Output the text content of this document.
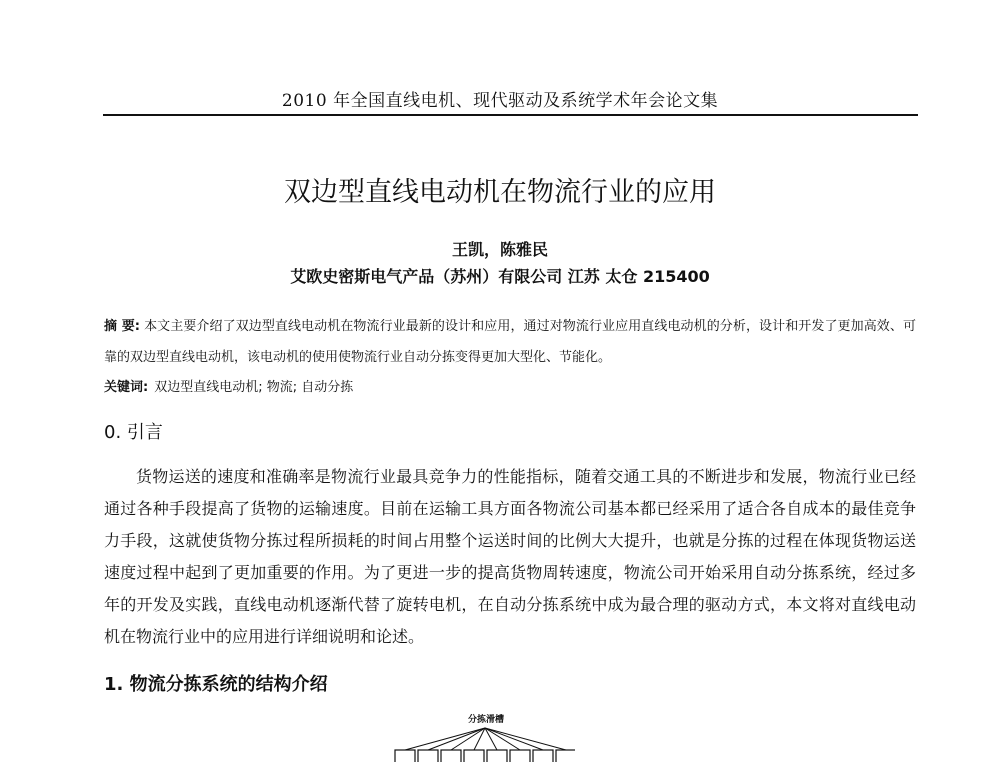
2010 年全国直线电机、现代驱动及系统学术年会论文集
双边型直线电动机在物流行业的应用
王凯，陈雅民
艾欧史密斯电气产品（苏州）有限公司 江苏 太仓 215400
摘 要: 本文主要介绍了双边型直线电动机在物流行业最新的设计和应用，通过对物流行业应用直线电动机的分析，设计和开发了更加高效、可靠的双边型直线电动机，该电动机的使用使物流行业自动分拣变得更加大型化、节能化。
关键词: 双边型直线电动机; 物流; 自动分拣
0. 引言
货物运送的速度和准确率是物流行业最具竞争力的性能指标，随着交通工具的不断进步和发展，物流行业已经通过各种手段提高了货物的运输速度。目前在运输工具方面各物流公司基本都已经采用了适合各自成本的最佳竞争力手段，这就使货物分拣过程所损耗的时间占用整个运送时间的比例大大提升，也就是分拣的过程在体现货物运送速度过程中起到了更加重要的作用。为了更进一步的提高货物周转速度，物流公司开始采用自动分拣系统，经过多年的开发及实践，直线电动机逐渐代替了旋转电机，在自动分拣系统中成为最合理的驱动方式，本文将对直线电动机在物流行业中的应用进行详细说明和论述。
1. 物流分拣系统的结构介绍
分拣滑槽
